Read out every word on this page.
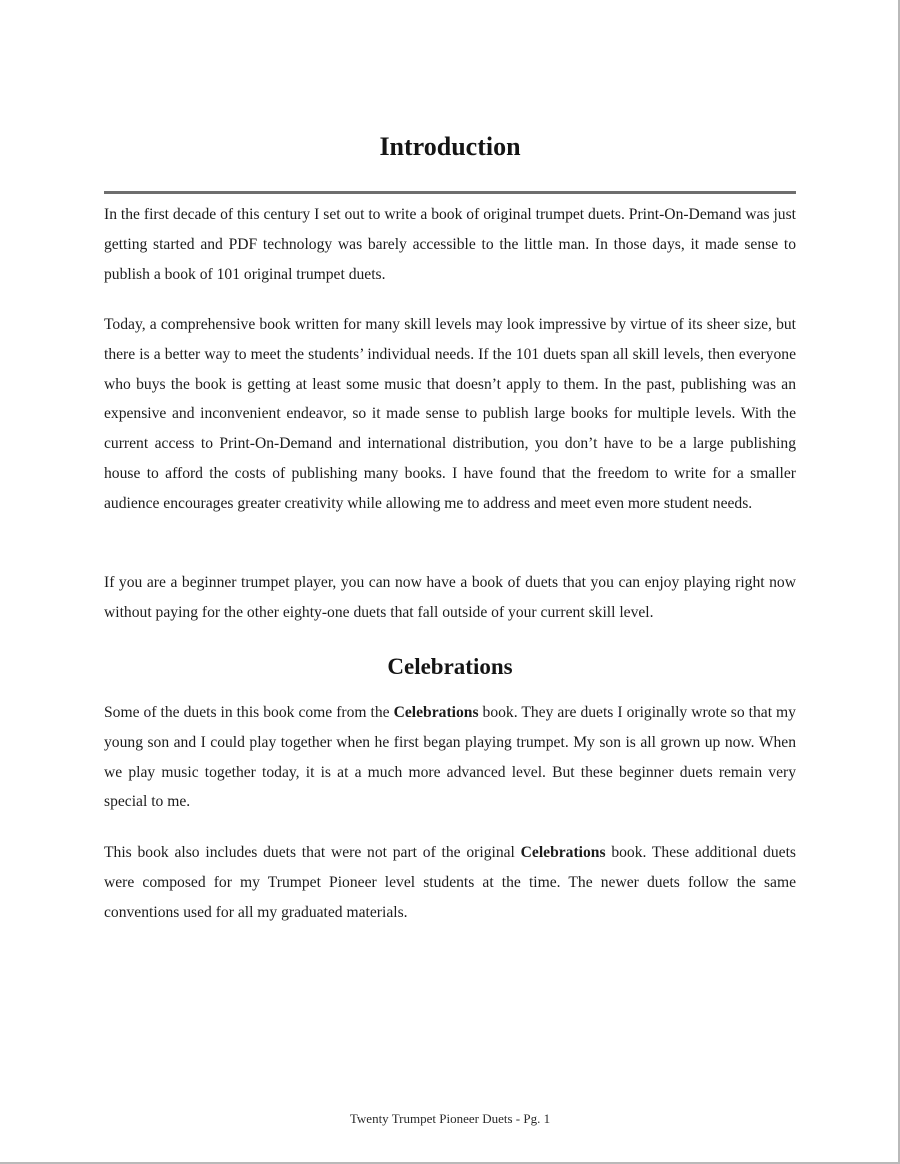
Introduction

In the first decade of this century I set out to write a book of original trumpet duets. Print-On-Demand was just getting started and PDF technology was barely accessible to the little man. In those days, it made sense to publish a book of 101 original trumpet duets.

Today, a comprehensive book written for many skill levels may look impressive by virtue of its sheer size, but there is a better way to meet the students’ individual needs. If the 101 duets span all skill levels, then everyone who buys the book is getting at least some music that doesn’t apply to them. In the past, publishing was an expensive and inconvenient endeavor, so it made sense to publish large books for multiple levels. With the current access to Print-On-Demand and international distribution, you don’t have to be a large publishing house to afford the costs of publishing many books. I have found that the freedom to write for a smaller audience encourages greater creativity while allowing me to address and meet even more student needs.

If you are a beginner trumpet player, you can now have a book of duets that you can enjoy playing right now without paying for the other eighty-one duets that fall outside of your current skill level.

Celebrations

Some of the duets in this book come from the Celebrations book. They are duets I originally wrote so that my young son and I could play together when he first began playing trumpet. My son is all grown up now. When we play music together today, it is at a much more advanced level. But these beginner duets remain very special to me.

This book also includes duets that were not part of the original Celebrations book. These additional duets were composed for my Trumpet Pioneer level students at the time. The newer duets follow the same conventions used for all my graduated materials.

Twenty Trumpet Pioneer Duets - Pg. 1
